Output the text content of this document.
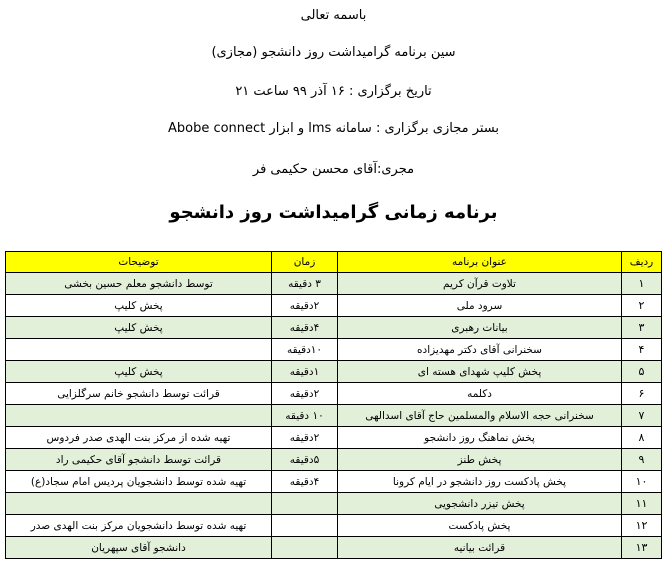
باسمه تعالی
سین برنامه گرامیداشت روز دانشجو (مجازی)
تاریخ برگزاری : ۱۶ آذر ۹۹ ساعت ۲۱
بستر مجازی برگزاری : سامانه lms و ابزار Abobe connect
مجری:آقای محسن حکیمی فر
برنامه زمانی گرامیداشت روز دانشجو
ردیف	عنوان برنامه	زمان	توضیحات
۱	تلاوت قرآن کریم	۳ دقیقه	توسط دانشجو معلم حسین بخشی
۲	سرود ملی	۲دقیقه	پخش کلیپ
۳	بیانات رهبری	۴دقیقه	پخش کلیپ
۴	سخنرانی آقای دکتر مهدیزاده	۱۰دقیقه	
۵	پخش کلیپ شهدای هسته ای	۱دقیقه	پخش کلیپ
۶	دکلمه	۲دقیقه	قرائت توسط دانشجو خانم سرگلزایی
۷	سخنرانی حجه الاسلام والمسلمین حاج آقای اسدالهی	۱۰ دقیقه	
۸	پخش نماهنگ روز دانشجو	۲دقیقه	تهیه شده از مرکز بنت الهدی صدر فردوس
۹	پخش طنز	۵دقیقه	قرائت توسط دانشجو آقای حکیمی راد
۱۰	پخش پادکست روز دانشجو در ایام کرونا	۴دقیقه	تهیه شده توسط دانشجویان پردیس امام سجاد(ع)
۱۱	پخش تیزر دانشجویی		
۱۲	پخش پادکست		تهیه شده توسط دانشجویان مرکز بنت الهدی صدر
۱۳	قرائت بیانیه		دانشجو آقای سپهریان
